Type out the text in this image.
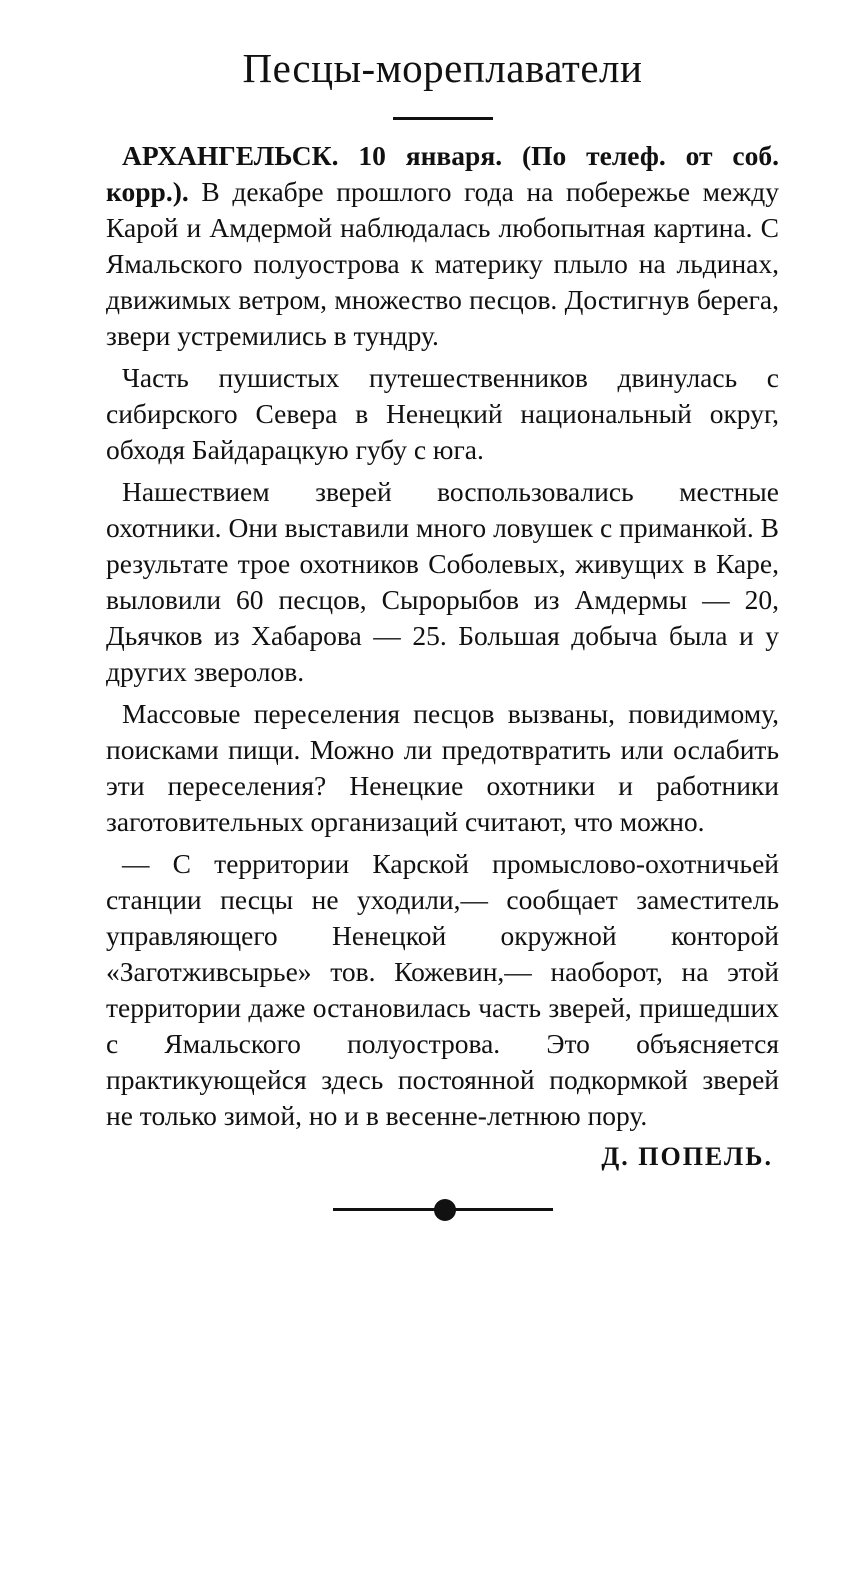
Песцы-мореплаватели

АРХАНГЕЛЬСК. 10 января. (По телеф. от соб. корр.). В декабре прошлого года на побережье между Карой и Амдермой наблюдалась любопытная картина. С Ямальского полуострова к материку плыло на льдинах, движимых ветром, множество песцов. Достигнув берега, звери устремились в тундру.

Часть пушистых путешественников двинулась с сибирского Севера в Ненецкий национальный округ, обходя Байдарацкую губу с юга.

Нашествием зверей воспользовались местные охотники. Они выставили много ловушек с приманкой. В результате трое охотников Соболевых, живущих в Каре, выловили 60 песцов, Сырорыбов из Амдермы — 20, Дьячков из Хабарова — 25. Большая добыча была и у других зверолов.

Массовые переселения песцов вызваны, повидимому, поисками пищи. Можно ли предотвратить или ослабить эти переселения? Ненецкие охотники и работники заготовительных организаций считают, что можно.

— С территории Карской промыслово-охотничьей станции песцы не уходили,— сообщает заместитель управляющего Ненецкой окружной конторой «Заготживсырье» тов. Кожевин,— наоборот, на этой территории даже остановилась часть зверей, пришедших с Ямальского полуострова. Это объясняется практикующейся здесь постоянной подкормкой зверей не только зимой, но и в весенне-летнюю пору.

Д. ПОПЕЛЬ.
